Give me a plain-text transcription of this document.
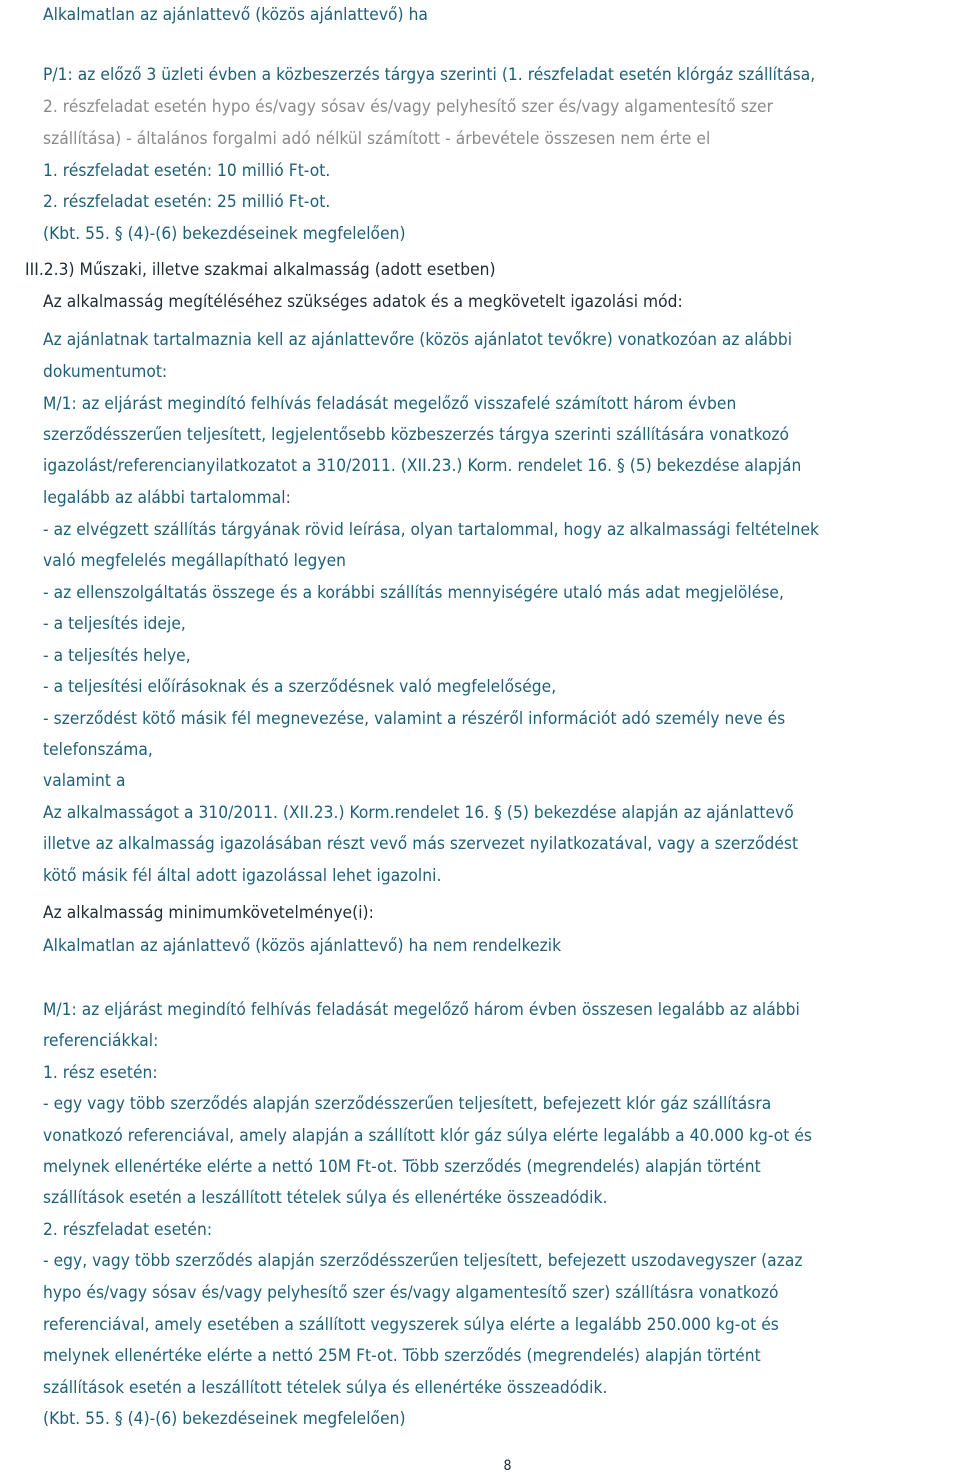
Alkalmatlan az ajánlattevő (közös ajánlattevő) ha
P/1: az előző 3 üzleti évben a közbeszerzés tárgya szerinti (1. részfeladat esetén klórgáz szállítása,
2. részfeladat esetén hypo és/vagy sósav és/vagy pelyhesítő szer és/vagy algamentesítő szer
szállítása) - általános forgalmi adó nélkül számított - árbevétele összesen nem érte el
1. részfeladat esetén: 10 millió Ft-ot.
2. részfeladat esetén: 25 millió Ft-ot.
(Kbt. 55. § (4)-(6) bekezdéseinek megfelelően)
III.2.3) Műszaki, illetve szakmai alkalmasság (adott esetben)
Az alkalmasság megítéléséhez szükséges adatok és a megkövetelt igazolási mód:
Az ajánlatnak tartalmaznia kell az ajánlattevőre (közös ajánlatot tevőkre) vonatkozóan az alábbi
dokumentumot:
M/1: az eljárást megindító felhívás feladását megelőző visszafelé számított három évben
szerződésszerűen teljesített, legjelentősebb közbeszerzés tárgya szerinti szállítására vonatkozó
igazolást/referencianyilatkozatot a 310/2011. (XII.23.) Korm. rendelet 16. § (5) bekezdése alapján
legalább az alábbi tartalommal:
- az elvégzett szállítás tárgyának rövid leírása, olyan tartalommal, hogy az alkalmassági feltételnek
való megfelelés megállapítható legyen
- az ellenszolgáltatás összege és a korábbi szállítás mennyiségére utaló más adat megjelölése,
- a teljesítés ideje,
- a teljesítés helye,
- a teljesítési előírásoknak és a szerződésnek való megfelelősége,
- szerződést kötő másik fél megnevezése, valamint a részéről információt adó személy neve és
telefonszáma,
valamint a
Az alkalmasságot a 310/2011. (XII.23.) Korm.rendelet 16. § (5) bekezdése alapján az ajánlattevő
illetve az alkalmasság igazolásában részt vevő más szervezet nyilatkozatával, vagy a szerződést
kötő másik fél által adott igazolással lehet igazolni.
Az alkalmasság minimumkövetelménye(i):
Alkalmatlan az ajánlattevő (közös ajánlattevő) ha nem rendelkezik
M/1: az eljárást megindító felhívás feladását megelőző három évben összesen legalább az alábbi
referenciákkal:
1. rész esetén:
- egy vagy több szerződés alapján szerződésszerűen teljesített, befejezett klór gáz szállításra
vonatkozó referenciával, amely alapján a szállított klór gáz súlya elérte legalább a 40.000 kg-ot és
melynek ellenértéke elérte a nettó 10M Ft-ot. Több szerződés (megrendelés) alapján történt
szállítások esetén a leszállított tételek súlya és ellenértéke összeadódik.
2. részfeladat esetén:
- egy, vagy több szerződés alapján szerződésszerűen teljesített, befejezett uszodavegyszer (azaz
hypo és/vagy sósav és/vagy pelyhesítő szer és/vagy algamentesítő szer) szállításra vonatkozó
referenciával, amely esetében a szállított vegyszerek súlya elérte a legalább 250.000 kg-ot és
melynek ellenértéke elérte a nettó 25M Ft-ot. Több szerződés (megrendelés) alapján történt
szállítások esetén a leszállított tételek súlya és ellenértéke összeadódik.
(Kbt. 55. § (4)-(6) bekezdéseinek megfelelően)
8
